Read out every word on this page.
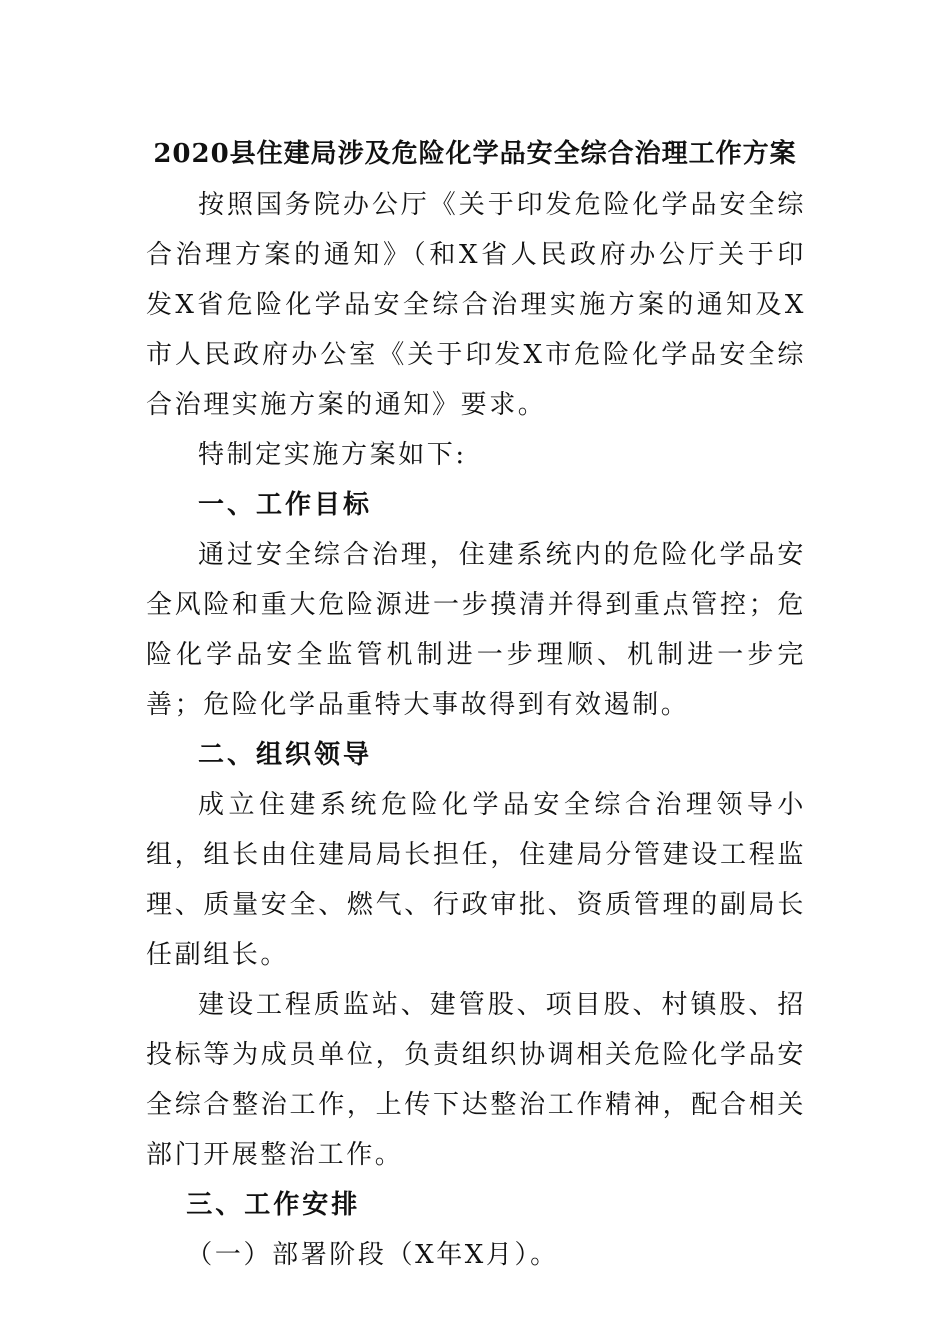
2020县住建局涉及危险化学品安全综合治理工作方案

按照国务院办公厅《关于印发危险化学品安全综合治理方案的通知》（和X省人民政府办公厅关于印发X省危险化学品安全综合治理实施方案的通知及X市人民政府办公室《关于印发X市危险化学品安全综合治理实施方案的通知》要求。

特制定实施方案如下:

一、工作目标

通过安全综合治理，住建系统内的危险化学品安全风险和重大危险源进一步摸清并得到重点管控；危险化学品安全监管机制进一步理顺、机制进一步完善；危险化学品重特大事故得到有效遏制。

二、组织领导

成立住建系统危险化学品安全综合治理领导小组，组长由住建局局长担任，住建局分管建设工程监理、质量安全、燃气、行政审批、资质管理的副局长任副组长。

建设工程质监站、建管股、项目股、村镇股、招投标等为成员单位，负责组织协调相关危险化学品安全综合整治工作，上传下达整治工作精神，配合相关部门开展整治工作。

三、工作安排

（一）部署阶段（X年X月）。
